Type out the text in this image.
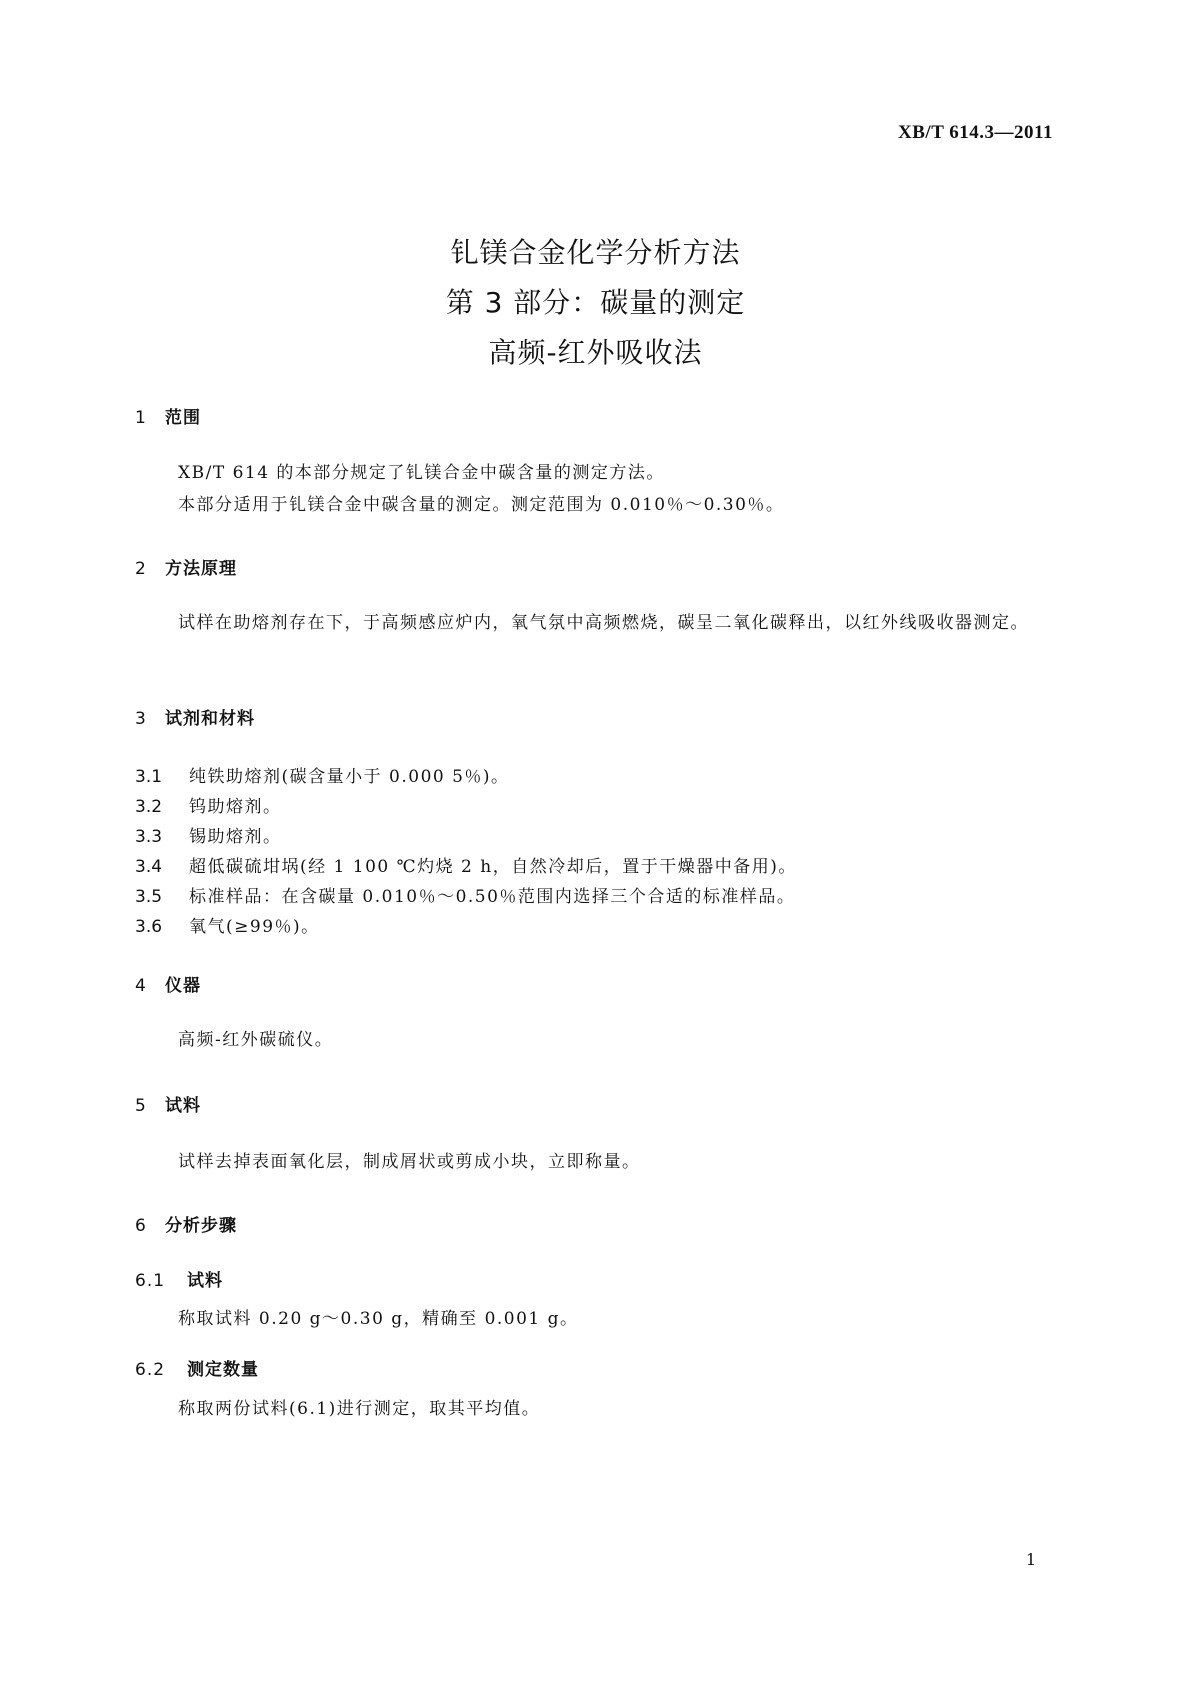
XB/T 614.3—2011
钆镁合金化学分析方法
第 3 部分：碳量的测定
高频-红外吸收法
1 范围
XB/T 614 的本部分规定了钆镁合金中碳含量的测定方法。
本部分适用于钆镁合金中碳含量的测定。测定范围为 0.010％～0.30％。
2 方法原理
试样在助熔剂存在下，于高频感应炉内，氧气氛中高频燃烧，碳呈二氧化碳释出，以红外线吸收器测定。
3 试剂和材料
3.1 纯铁助熔剂(碳含量小于 0.000 5％)。
3.2 钨助熔剂。
3.3 锡助熔剂。
3.4 超低碳硫坩埚(经 1 100 ℃灼烧 2 h，自然冷却后，置于干燥器中备用)。
3.5 标准样品：在含碳量 0.010％～0.50％范围内选择三个合适的标准样品。
3.6 氧气(≥99％)。
4 仪器
高频-红外碳硫仪。
5 试料
试样去掉表面氧化层，制成屑状或剪成小块，立即称量。
6 分析步骤
6.1 试料
称取试料 0.20 g～0.30 g，精确至 0.001 g。
6.2 测定数量
称取两份试料(6.1)进行测定，取其平均值。
1
